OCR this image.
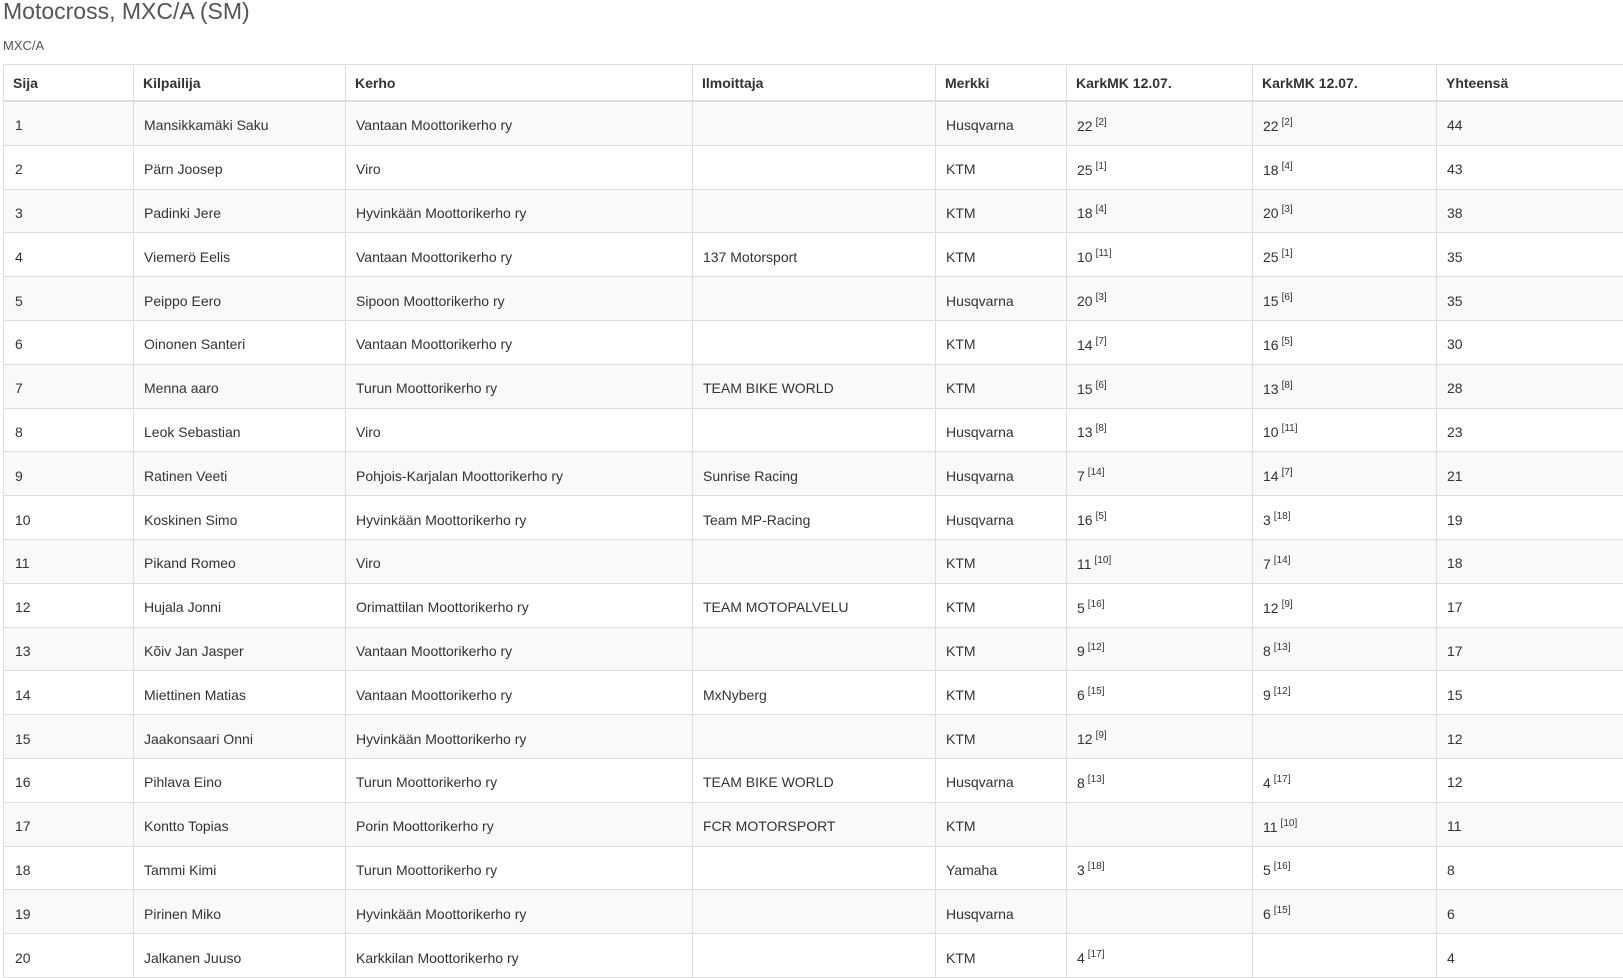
Motocross, MXC/A (SM)
MXC/A
Sija	Kilpailija	Kerho	Ilmoittaja	Merkki	KarkMK 12.07.	KarkMK 12.07.	Yhteensä
1	Mansikkamäki Saku	Vantaan Moottorikerho ry		Husqvarna	22 [2]	22 [2]	44
2	Pärn Joosep	Viro		KTM	25 [1]	18 [4]	43
3	Padinki Jere	Hyvinkään Moottorikerho ry		KTM	18 [4]	20 [3]	38
4	Viemerö Eelis	Vantaan Moottorikerho ry	137 Motorsport	KTM	10 [11]	25 [1]	35
5	Peippo Eero	Sipoon Moottorikerho ry		Husqvarna	20 [3]	15 [6]	35
6	Oinonen Santeri	Vantaan Moottorikerho ry		KTM	14 [7]	16 [5]	30
7	Menna aaro	Turun Moottorikerho ry	TEAM BIKE WORLD	KTM	15 [6]	13 [8]	28
8	Leok Sebastian	Viro		Husqvarna	13 [8]	10 [11]	23
9	Ratinen Veeti	Pohjois-Karjalan Moottorikerho ry	Sunrise Racing	Husqvarna	7 [14]	14 [7]	21
10	Koskinen Simo	Hyvinkään Moottorikerho ry	Team MP-Racing	Husqvarna	16 [5]	3 [18]	19
11	Pikand Romeo	Viro		KTM	11 [10]	7 [14]	18
12	Hujala Jonni	Orimattilan Moottorikerho ry	TEAM MOTOPALVELU	KTM	5 [16]	12 [9]	17
13	Kõiv Jan Jasper	Vantaan Moottorikerho ry		KTM	9 [12]	8 [13]	17
14	Miettinen Matias	Vantaan Moottorikerho ry	MxNyberg	KTM	6 [15]	9 [12]	15
15	Jaakonsaari Onni	Hyvinkään Moottorikerho ry		KTM	12 [9]		12
16	Pihlava Eino	Turun Moottorikerho ry	TEAM BIKE WORLD	Husqvarna	8 [13]	4 [17]	12
17	Kontto Topias	Porin Moottorikerho ry	FCR MOTORSPORT	KTM		11 [10]	11
18	Tammi Kimi	Turun Moottorikerho ry		Yamaha	3 [18]	5 [16]	8
19	Pirinen Miko	Hyvinkään Moottorikerho ry		Husqvarna		6 [15]	6
20	Jalkanen Juuso	Karkkilan Moottorikerho ry		KTM	4 [17]		4
